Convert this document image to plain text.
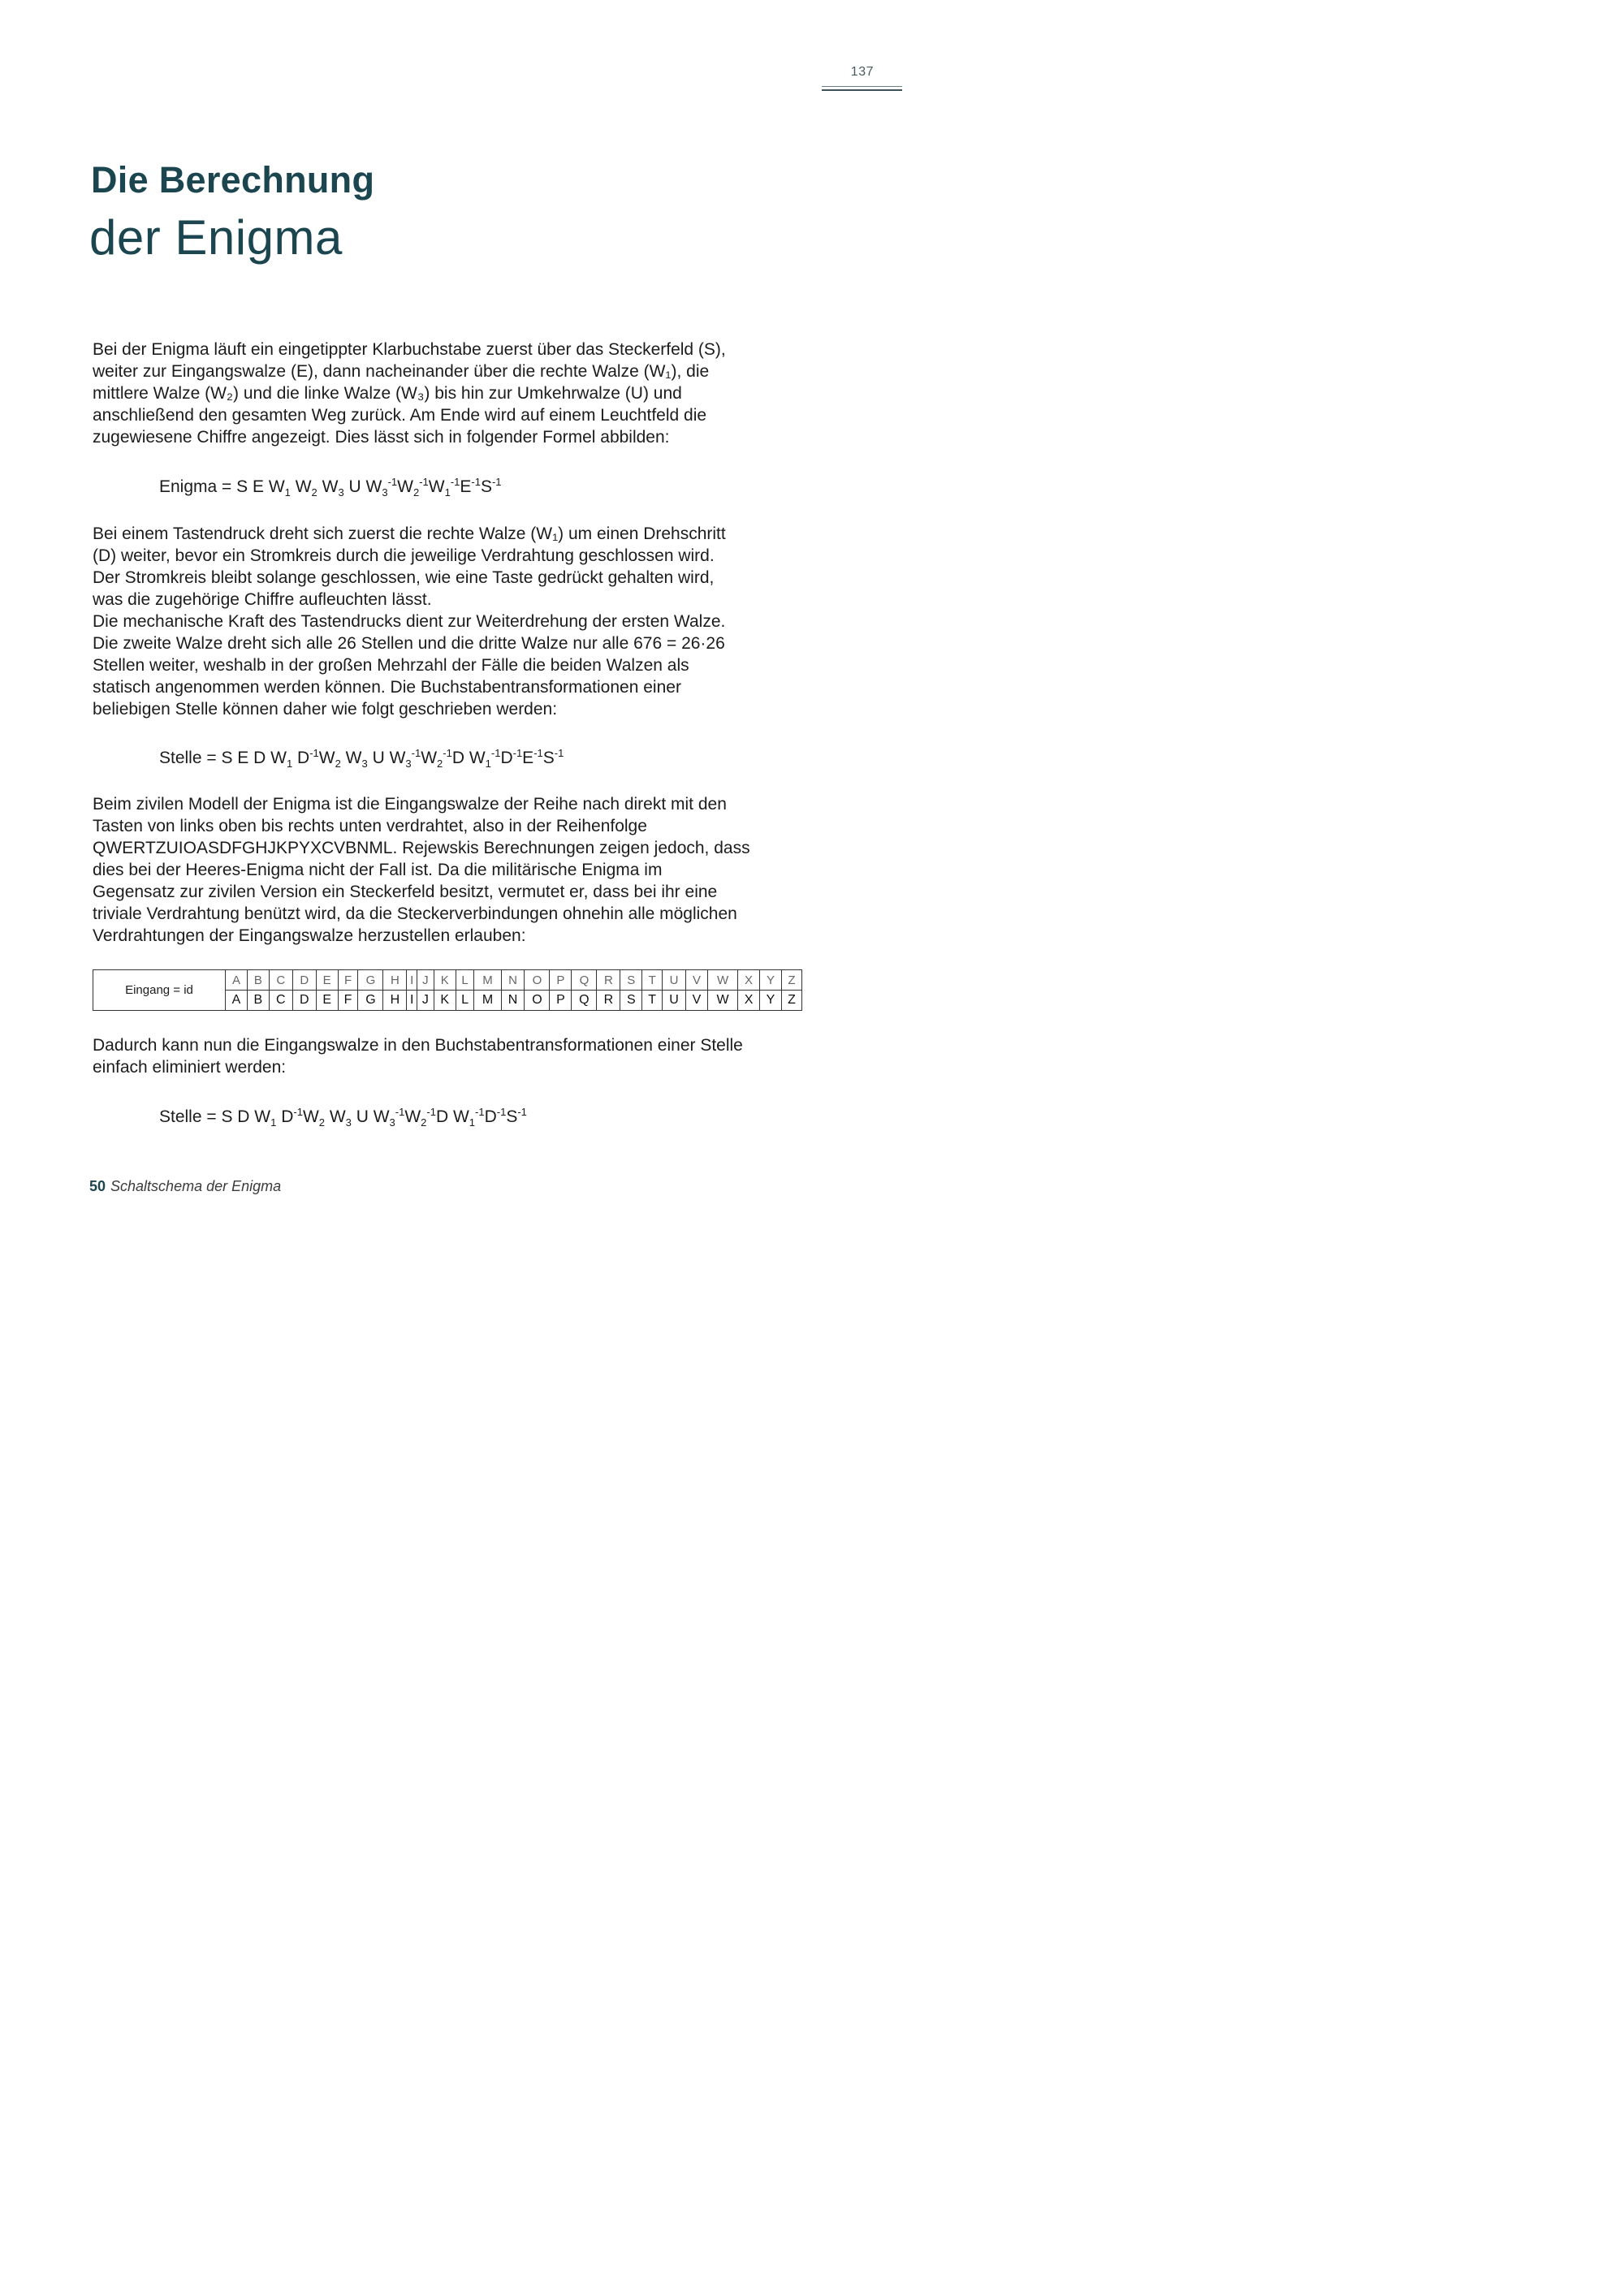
137
Die Berechnung
der Enigma

Bei der Enigma läuft ein eingetippter Klarbuchstabe zuerst über das Steckerfeld (S),
weiter zur Eingangswalze (E), dann nacheinander über die rechte Walze (W₁), die
mittlere Walze (W₂) und die linke Walze (W₃) bis hin zur Umkehrwalze (U) und
anschließend den gesamten Weg zurück. Am Ende wird auf einem Leuchtfeld die
zugewiesene Chiffre angezeigt. Dies lässt sich in folgender Formel abbilden:

Enigma = S E $W_1$ $W_2$ $W_3$ U $W_3^{-1}W_2^{-1}W_1^{-1}E^{-1}S^{-1}$

Bei einem Tastendruck dreht sich zuerst die rechte Walze (W₁) um einen Drehschritt
(D) weiter, bevor ein Stromkreis durch die jeweilige Verdrahtung geschlossen wird.
Der Stromkreis bleibt solange geschlossen, wie eine Taste gedrückt gehalten wird,
was die zugehörige Chiffre aufleuchten lässt.
Die mechanische Kraft des Tastendrucks dient zur Weiterdrehung der ersten Walze.
Die zweite Walze dreht sich alle 26 Stellen und die dritte Walze nur alle 676 = 26·26
Stellen weiter, weshalb in der großen Mehrzahl der Fälle die beiden Walzen als
statisch angenommen werden können. Die Buchstabentransformationen einer
beliebigen Stelle können daher wie folgt geschrieben werden:

Stelle = S E D $W_1$ $D^{-1}W_2$ $W_3$ U $W_3^{-1}W_2^{-1}D$ $W_1^{-1}D^{-1}E^{-1}S^{-1}$

Beim zivilen Modell der Enigma ist die Eingangswalze der Reihe nach direkt mit den
Tasten von links oben bis rechts unten verdrahtet, also in der Reihenfolge
QWERTZUIOASDFGHJKPYXCVBNML. Rejewskis Berechnungen zeigen jedoch, dass
dies bei der Heeres-Enigma nicht der Fall ist. Da die militärische Enigma im
Gegensatz zur zivilen Version ein Steckerfeld besitzt, vermutet er, dass bei ihr eine
triviale Verdrahtung benützt wird, da die Steckerverbindungen ohnehin alle möglichen
Verdrahtungen der Eingangswalze herzustellen erlauben:

Eingang = id	A	B	C	D	E	F	G	H	I	J	K	L	M	N	O	P	Q	R	S	T	U	V	W	X	Y	Z
	A	B	C	D	E	F	G	H	I	J	K	L	M	N	O	P	Q	R	S	T	U	V	W	X	Y	Z

Dadurch kann nun die Eingangswalze in den Buchstabentransformationen einer Stelle
einfach eliminiert werden:

Stelle = S D $W_1$ $D^{-1}W_2$ $W_3$ U $W_3^{-1}W_2^{-1}D$ $W_1^{-1}D^{-1}S^{-1}$
50 Schaltschema der Enigma
